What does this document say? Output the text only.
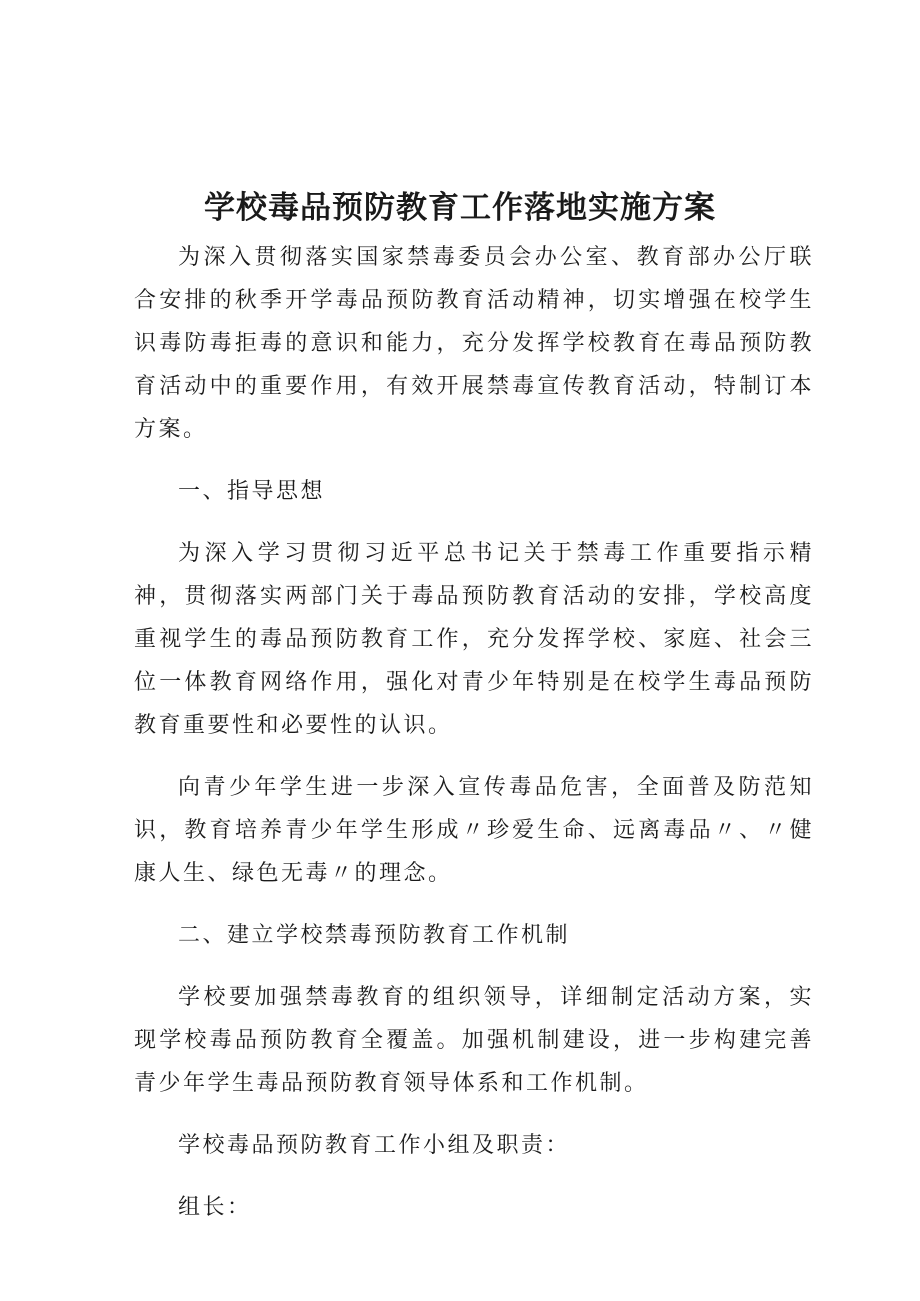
学校毒品预防教育工作落地实施方案

为深入贯彻落实国家禁毒委员会办公室、教育部办公厅联合安排的秋季开学毒品预防教育活动精神，切实增强在校学生识毒防毒拒毒的意识和能力，充分发挥学校教育在毒品预防教育活动中的重要作用，有效开展禁毒宣传教育活动，特制订本方案。

一、指导思想

为深入学习贯彻习近平总书记关于禁毒工作重要指示精神，贯彻落实两部门关于毒品预防教育活动的安排，学校高度重视学生的毒品预防教育工作，充分发挥学校、家庭、社会三位一体教育网络作用，强化对青少年特别是在校学生毒品预防教育重要性和必要性的认识。

向青少年学生进一步深入宣传毒品危害，全面普及防范知识，教育培养青少年学生形成〃珍爱生命、远离毒品〃、〃健康人生、绿色无毒〃的理念。

二、建立学校禁毒预防教育工作机制

学校要加强禁毒教育的组织领导，详细制定活动方案，实现学校毒品预防教育全覆盖。加强机制建设，进一步构建完善青少年学生毒品预防教育领导体系和工作机制。

学校毒品预防教育工作小组及职责：

组长：
